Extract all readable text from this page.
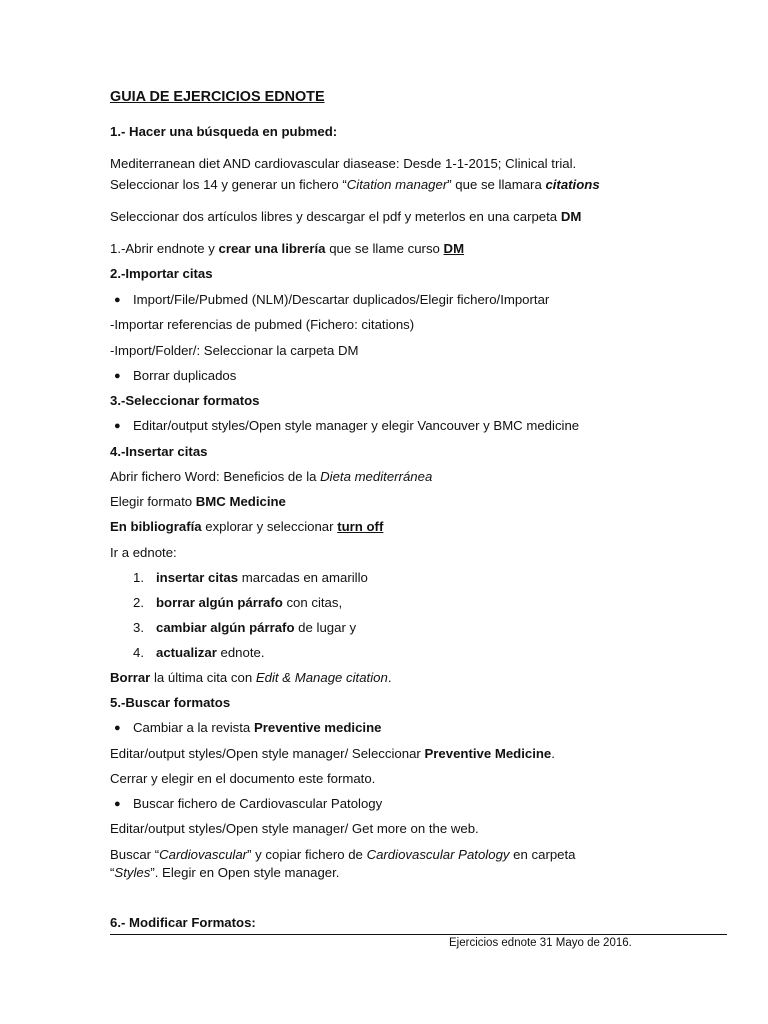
GUIA DE EJERCICIOS EDNOTE
1.- Hacer una búsqueda en pubmed:
Mediterranean diet AND cardiovascular diasease: Desde 1-1-2015; Clinical trial.
Seleccionar los 14 y generar un fichero “Citation manager” que se llamara citations
Seleccionar dos artículos libres y descargar el pdf y meterlos en una carpeta DM
1.-Abrir endnote y crear una librería que se llame curso DM
2.-Importar citas
● Import/File/Pubmed (NLM)/Descartar duplicados/Elegir fichero/Importar
-Importar referencias de pubmed (Fichero: citations)
-Import/Folder/: Seleccionar la carpeta DM
● Borrar duplicados
3.-Seleccionar formatos
● Editar/output styles/Open style manager y elegir Vancouver y BMC medicine
4.-Insertar citas
Abrir fichero Word: Beneficios de la Dieta mediterránea
Elegir formato BMC Medicine
En bibliografía explorar y seleccionar turn off
Ir a ednote:
1. insertar citas marcadas en amarillo
2. borrar algún párrafo con citas,
3. cambiar algún párrafo de lugar y
4. actualizar ednote.
Borrar la última cita con Edit & Manage citation.
5.-Buscar formatos
● Cambiar a la revista Preventive medicine
Editar/output styles/Open style manager/ Seleccionar Preventive Medicine.
Cerrar y elegir en el documento este formato.
● Buscar fichero de Cardiovascular Patology
Editar/output styles/Open style manager/ Get more on the web.
Buscar “Cardiovascular” y copiar fichero de Cardiovascular Patology en carpeta
“Styles”. Elegir en Open style manager.
6.- Modificar Formatos:
Ejercicios ednote 31 Mayo de 2016.
